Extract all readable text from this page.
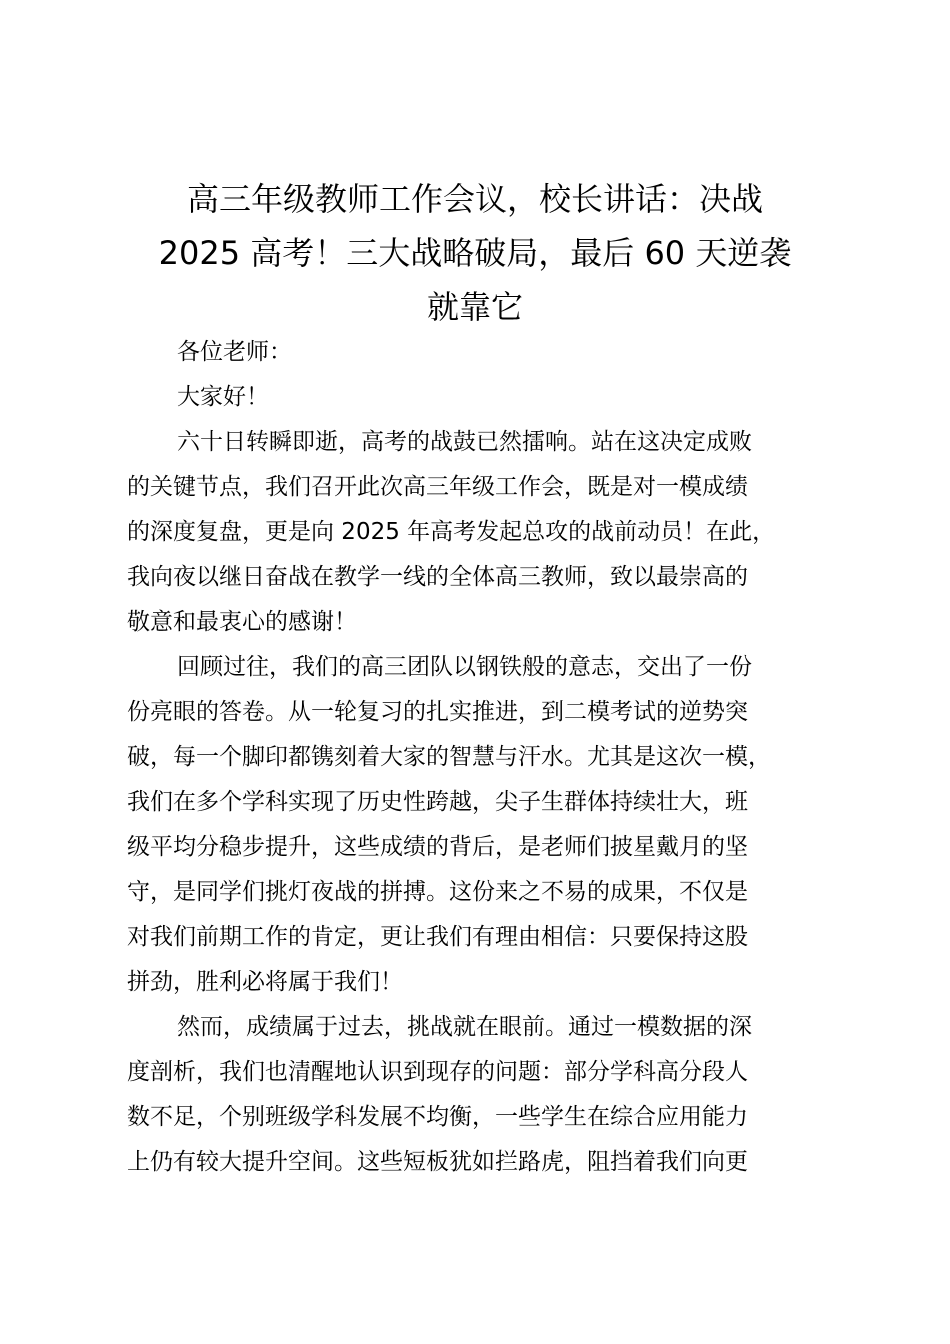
高三年级教师工作会议，校长讲话：决战
2025 高考！三大战略破局，最后 60 天逆袭
就靠它
各位老师：
大家好！
六十日转瞬即逝，高考的战鼓已然擂响。站在这决定成败
的关键节点，我们召开此次高三年级工作会，既是对一模成绩
的深度复盘，更是向 2025 年高考发起总攻的战前动员！在此，
我向夜以继日奋战在教学一线的全体高三教师，致以最崇高的
敬意和最衷心的感谢！
回顾过往，我们的高三团队以钢铁般的意志，交出了一份
份亮眼的答卷。从一轮复习的扎实推进，到二模考试的逆势突
破，每一个脚印都镌刻着大家的智慧与汗水。尤其是这次一模，
我们在多个学科实现了历史性跨越，尖子生群体持续壮大，班
级平均分稳步提升，这些成绩的背后，是老师们披星戴月的坚
守，是同学们挑灯夜战的拼搏。这份来之不易的成果，不仅是
对我们前期工作的肯定，更让我们有理由相信：只要保持这股
拼劲，胜利必将属于我们！
然而，成绩属于过去，挑战就在眼前。通过一模数据的深
度剖析，我们也清醒地认识到现存的问题：部分学科高分段人
数不足，个别班级学科发展不均衡，一些学生在综合应用能力
上仍有较大提升空间。这些短板犹如拦路虎，阻挡着我们向更
